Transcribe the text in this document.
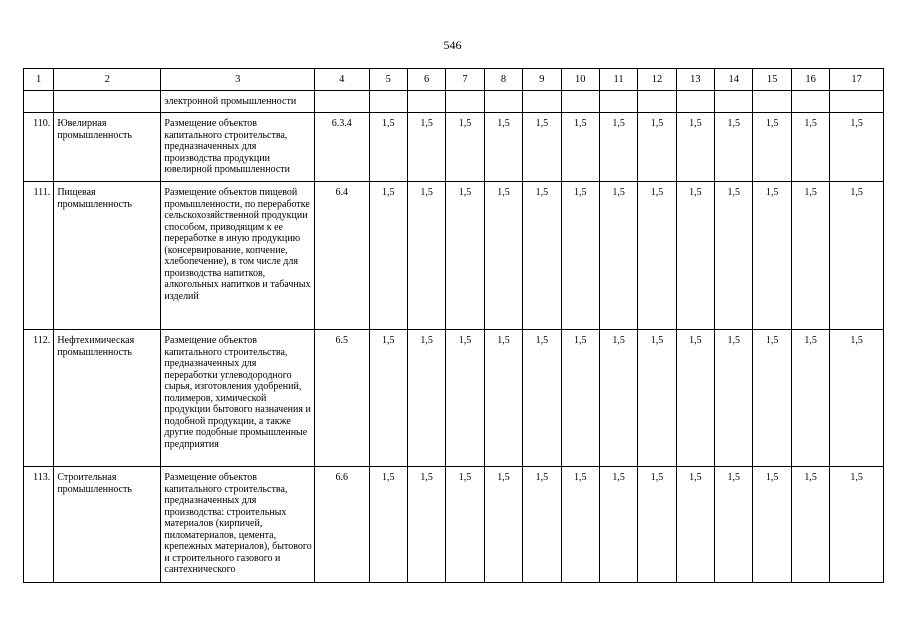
546
1	2	3	4	5	6	7	8	9	10	11	12	13	14	15	16	17
		электронной промышленности														
110.	Ювелирная промышленность	Размещение объектов капитального строительства, предназначенных для производства продукции ювелирной промышленности	6.3.4	1,5	1,5	1,5	1,5	1,5	1,5	1,5	1,5	1,5	1,5	1,5	1,5	1,5
111.	Пищевая промышленность	Размещение объектов пищевой промышленности, по переработке сельскохозяйственной продукции способом, приводящим к ее переработке в иную продукцию (консервирование, копчение, хлебопечение), в том числе для производства напитков, алкогольных напитков и табачных изделий	6.4	1,5	1,5	1,5	1,5	1,5	1,5	1,5	1,5	1,5	1,5	1,5	1,5	1,5
112.	Нефтехимическая промышленность	Размещение объектов капитального строительства, предназначенных для переработки углеводородного сырья, изготовления удобрений, полимеров, химической продукции бытового назначения и подобной продукции, а также другие подобные промышленные предприятия	6.5	1,5	1,5	1,5	1,5	1,5	1,5	1,5	1,5	1,5	1,5	1,5	1,5	1,5
113.	Строительная промышленность	Размещение объектов капитального строительства, предназначенных для производства: строительных материалов (кирпичей, пиломатериалов, цемента, крепежных материалов), бытового и строительного газового и сантехнического	6.6	1,5	1,5	1,5	1,5	1,5	1,5	1,5	1,5	1,5	1,5	1,5	1,5	1,5
